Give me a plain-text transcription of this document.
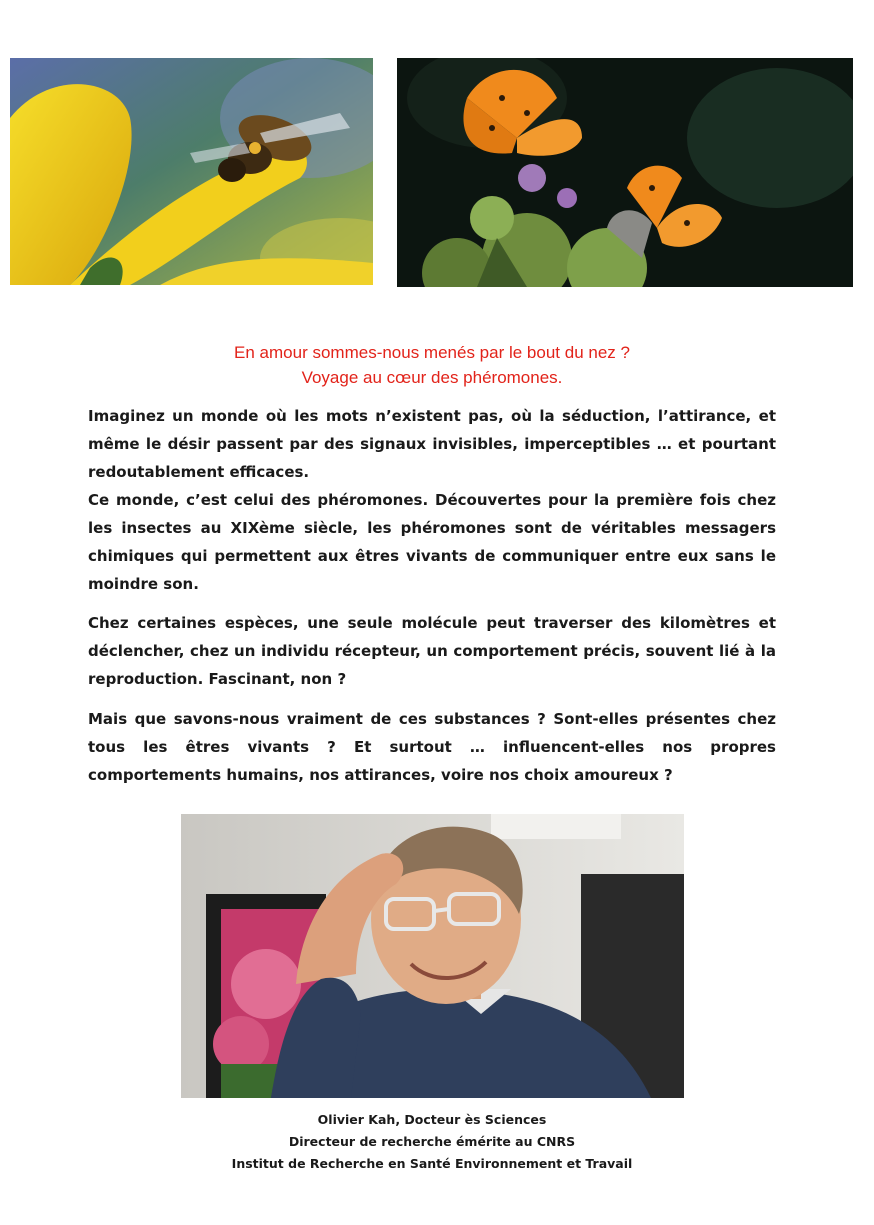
En amour sommes-nous menés par le bout du nez ?
Voyage au cœur des phéromones.

Imaginez un monde où les mots n’existent pas, où la séduction, l’attirance, et même le désir passent par des signaux invisibles, imperceptibles … et pourtant redoutablement efficaces.

Ce monde, c’est celui des phéromones. Découvertes pour la première fois chez les insectes au XIXème siècle, les phéromones sont de véritables messagers chimiques qui permettent aux êtres vivants de communiquer entre eux sans le moindre son.

Chez certaines espèces, une seule molécule peut traverser des kilomètres et déclencher, chez un individu récepteur, un comportement précis, souvent lié à la reproduction. Fascinant, non ?

Mais que savons-nous vraiment de ces substances ? Sont-elles présentes chez tous les êtres vivants ? Et surtout … influencent-elles nos propres comportements humains, nos attirances, voire nos choix amoureux ?

Olivier Kah, Docteur ès Sciences
Directeur de recherche émérite au CNRS
Institut de Recherche en Santé Environnement et Travail
